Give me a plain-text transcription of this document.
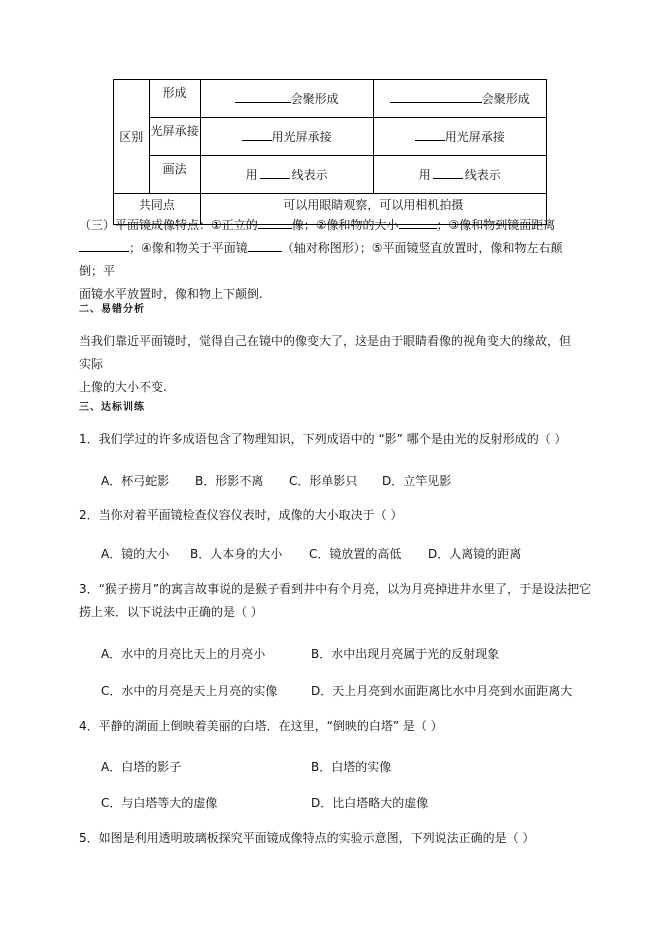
区别	形成	会聚形成	会聚形成
	光屏承接	用光屏承接	用光屏承接
	画法	用 线表示	用 线表示
共同点		可以用眼睛观察，可以用相机拍摄	
（三）平面镜成像特点：①正立的	像；②像和物的大小	；③像和物到镜面距离
；④像和物关于平面镜	（轴对称图形）；⑤平面镜竖直放置时，像和物左右颠倒；平
面镜水平放置时，像和物上下颠倒.
二、易错分析
当我们靠近平面镜时，觉得自己在镜中的像变大了，这是由于眼睛看像的视角变大的缘故，但实际
上像的大小不变.
三、达标训练
1．我们学过的许多成语包含了物理知识，下列成语中的 “影” 哪个是由光的反射形成的（ ）
A．杯弓蛇影 B．形影不离 C．形单影只 D．立竿见影
2．当你对着平面镜检查仪容仪表时，成像的大小取决于（ ）
A．镜的大小 B．人本身的大小 C．镜放置的高低 D．人离镜的距离
3．“猴子捞月”的寓言故事说的是猴子看到井中有个月亮，以为月亮掉进井水里了，于是设法把它
捞上来．以下说法中正确的是（ ）
A．水中的月亮比天上的月亮小	B．水中出现月亮属于光的反射现象
C．水中的月亮是天上月亮的实像	D．天上月亮到水面距离比水中月亮到水面距离大
4．平静的湖面上倒映着美丽的白塔．在这里，“倒映的白塔” 是（ ）
A．白塔的影子	B．白塔的实像
C．与白塔等大的虚像	D．比白塔略大的虚像
5．如图是利用透明玻璃板探究平面镜成像特点的实验示意图，下列说法正确的是（ ）
